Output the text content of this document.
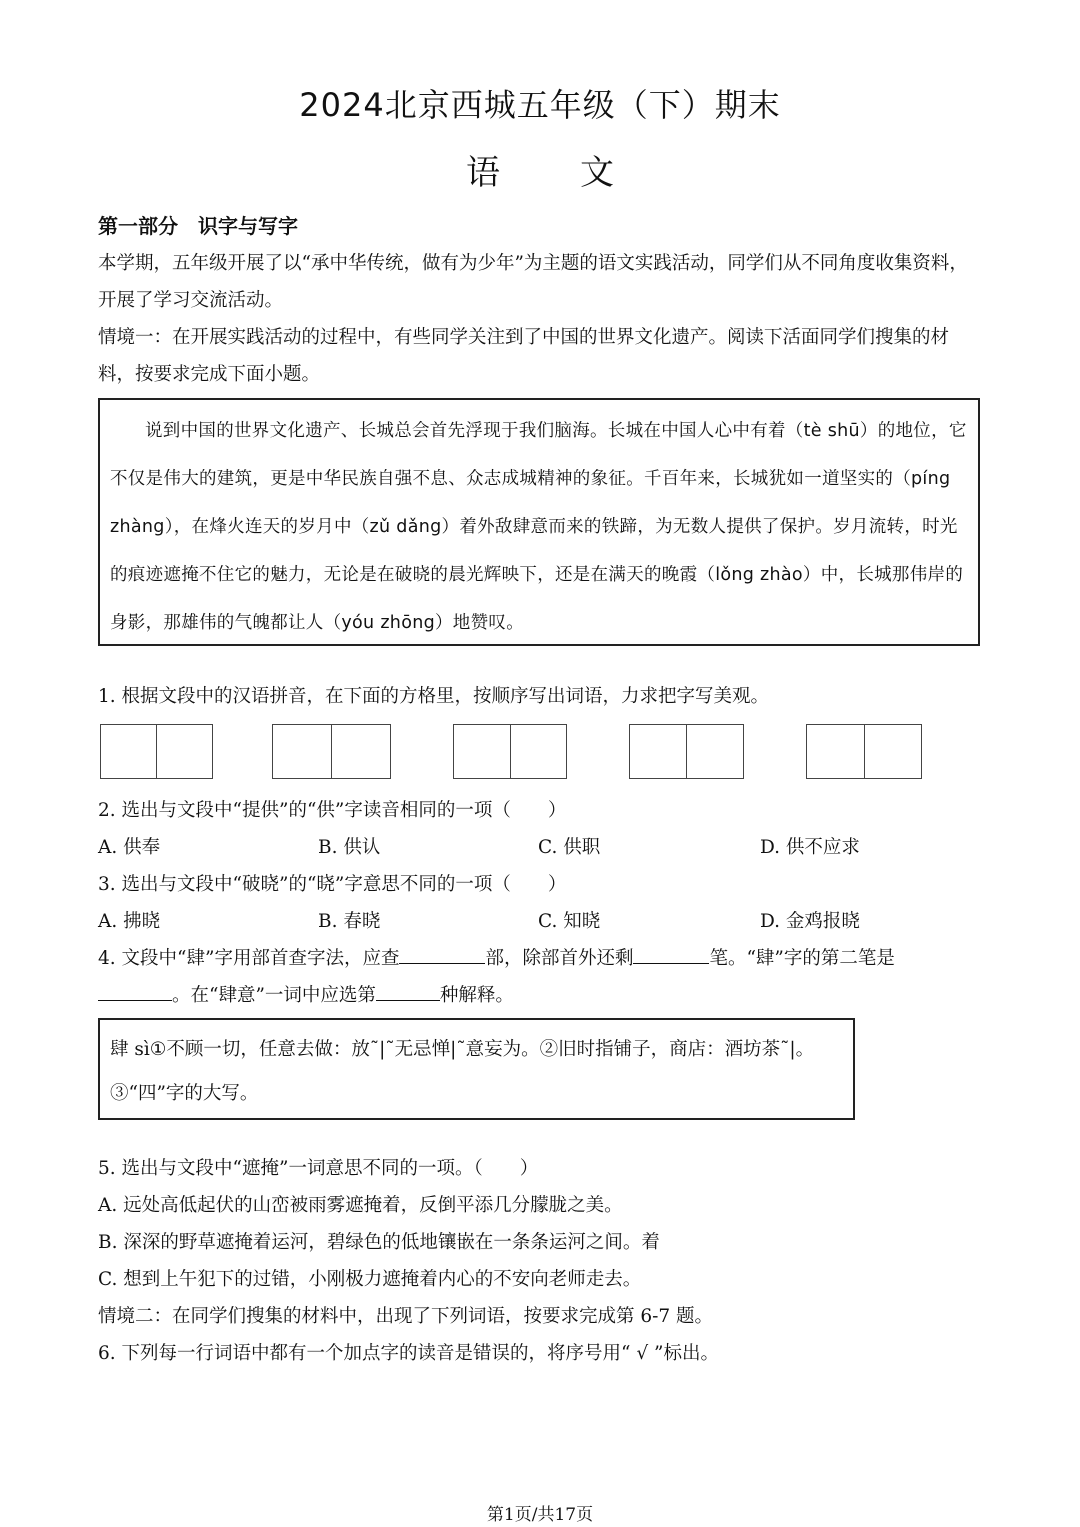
2024北京西城五年级（下）期末
语 文
第一部分　识字与写字
本学期，五年级开展了以“承中华传统，做有为少年”为主题的语文实践活动，同学们从不同角度收集资料，开展了学习交流活动。
情境一：在开展实践活动的过程中，有些同学关注到了中国的世界文化遗产。阅读下活面同学们搜集的材料，按要求完成下面小题。
说到中国的世界文化遗产、长城总会首先浮现于我们脑海。长城在中国人心中有着（tè shū）的地位，它不仅是伟大的建筑，更是中华民族自强不息、众志成城精神的象征。千百年来，长城犹如一道坚实的（píng zhàng），在烽火连天的岁月中（zǔ dǎng）着外敌肆意而来的铁蹄，为无数人提供了保护。岁月流转，时光的痕迹遮掩不住它的魅力，无论是在破晓的晨光辉映下，还是在满天的晚霞（lǒng zhào）中，长城那伟岸的身影，那雄伟的气魄都让人（yóu zhōng）地赞叹。
1. 根据文段中的汉语拼音，在下面的方格里，按顺序写出词语，力求把字写美观。
2. 选出与文段中“提供”的“供”字读音相同的一项（　　）
A. 供奉	B. 供认	C. 供职	D. 供不应求
3. 选出与文段中“破晓”的“晓”字意思不同的一项（　　）
A. 拂晓	B. 春晓	C. 知晓	D. 金鸡报晓
4. 文段中“肆”字用部首查字法，应查	部，除部首外还剩	笔。“肆”字的第二笔是
。在“肆意”一词中应选第	种解释。
肆 sì①不顾一切，任意去做：放˜|˜无忌惮|˜意妄为。②旧时指铺子，商店：酒坊茶˜|。
③“四”字的大写。
5. 选出与文段中“遮掩”一词意思不同的一项。（　　）
A. 远处高低起伏的山峦被雨雾遮掩着，反倒平添几分朦胧之美。
B. 深深的野草遮掩着运河，碧绿色的低地镶嵌在一条条运河之间。着
C. 想到上午犯下的过错，小刚极力遮掩着内心的不安向老师走去。
情境二：在同学们搜集的材料中，出现了下列词语，按要求完成第 6-7 题。
6. 下列每一行词语中都有一个加点字的读音是错误的，将序号用“ √ ”标出。
第1页/共17页
